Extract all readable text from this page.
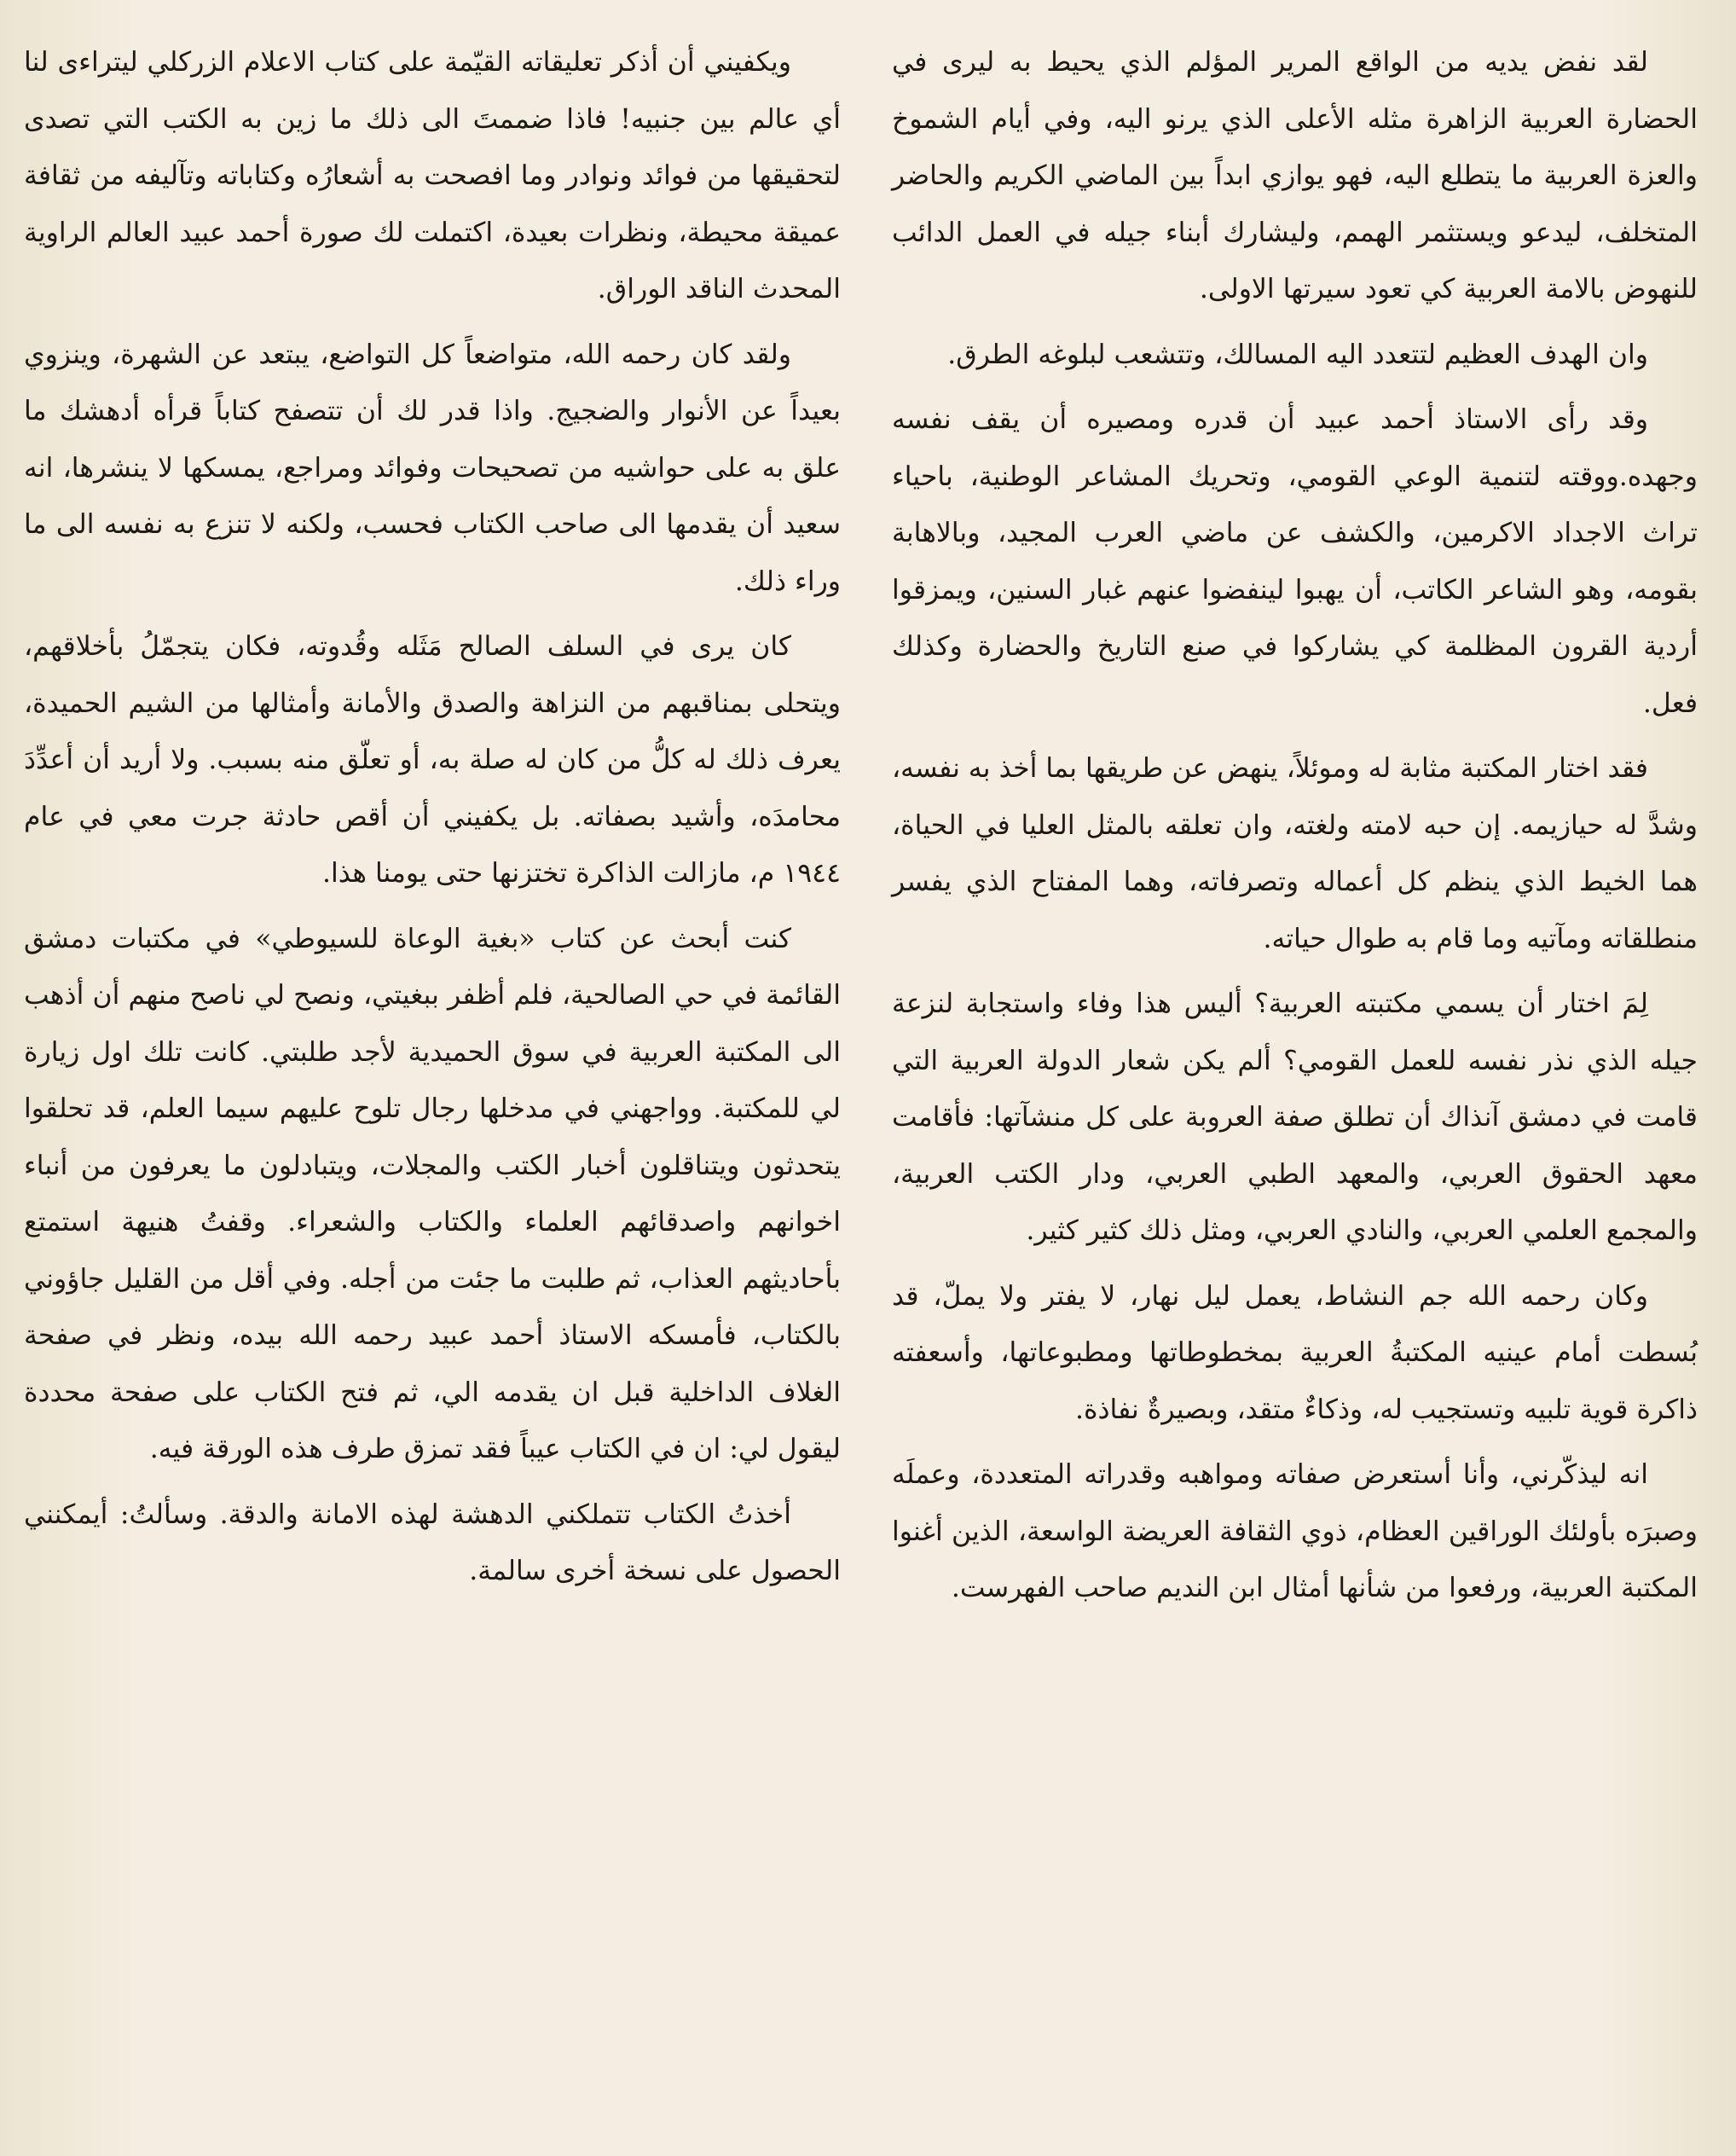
لقد نفض يديه من الواقع المرير المؤلم الذي يحيط به ليرى في الحضارة العربية الزاهرة مثله الأعلى الذي يرنو اليه، وفي أيام الشموخ والعزة العربية ما يتطلع اليه، فهو يوازي ابداً بين الماضي الكريم والحاضر المتخلف، ليدعو ويستثمر الهمم، وليشارك أبناء جيله في العمل الدائب للنهوض بالامة العربية كي تعود سيرتها الاولى.

وان الهدف العظيم لتتعدد اليه المسالك، وتتشعب لبلوغه الطرق.

وقد رأى الاستاذ أحمد عبيد أن قدره ومصيره أن يقف نفسه وجهده.ووقته لتنمية الوعي القومي، وتحريك المشاعر الوطنية، باحياء تراث الاجداد الاكرمين، والكشف عن ماضي العرب المجيد، وبالاهابة بقومه، وهو الشاعر الكاتب، أن يهبوا لينفضوا عنهم غبار السنين، ويمزقوا أردية القرون المظلمة كي يشاركوا في صنع التاريخ والحضارة وكذلك فعل.

فقد اختار المكتبة مثابة له وموئلاً، ينهض عن طريقها بما أخذ به نفسه، وشدَّ له حيازيمه. إن حبه لامته ولغته، وان تعلقه بالمثل العليا في الحياة، هما الخيط الذي ينظم كل أعماله وتصرفاته، وهما المفتاح الذي يفسر منطلقاته ومآتيه وما قام به طوال حياته.

لِمَ اختار أن يسمي مكتبته العربية؟ أليس هذا وفاء واستجابة لنزعة جيله الذي نذر نفسه للعمل القومي؟ ألم يكن شعار الدولة العربية التي قامت في دمشق آنذاك أن تطلق صفة العروبة على كل منشآتها: فأقامت معهد الحقوق العربي، والمعهد الطبي العربي، ودار الكتب العربية، والمجمع العلمي العربي، والنادي العربي، ومثل ذلك كثير كثير.

وكان رحمه الله جم النشاط، يعمل ليل نهار، لا يفتر ولا يملّ، قد بُسطت أمام عينيه المكتبةُ العربية بمخطوطاتها ومطبوعاتها، وأسعفته ذاكرة قوية تلبيه وتستجيب له، وذكاءٌ متقد، وبصيرةٌ نفاذة.

انه ليذكّرني، وأنا أستعرض صفاته ومواهبه وقدراته المتعددة، وعملَه وصبرَه بأولئك الوراقين العظام، ذوي الثقافة العريضة الواسعة، الذين أغنوا المكتبة العربية، ورفعوا من شأنها أمثال ابن النديم صاحب الفهرست.

ويكفيني أن أذكر تعليقاته القيّمة على كتاب الاعلام الزركلي ليتراءى لنا أي عالم بين جنبيه! فاذا ضممتَ الى ذلك ما زين به الكتب التي تصدى لتحقيقها من فوائد ونوادر وما افصحت به أشعارُه وكتاباته وتآليفه من ثقافة عميقة محيطة، ونظرات بعيدة، اكتملت لك صورة أحمد عبيد العالم الراوية المحدث الناقد الوراق.

ولقد كان رحمه الله، متواضعاً كل التواضع، يبتعد عن الشهرة، وينزوي بعيداً عن الأنوار والضجيج. واذا قدر لك أن تتصفح كتاباً قرأه أدهشك ما علق به على حواشيه من تصحيحات وفوائد ومراجع، يمسكها لا ينشرها، انه سعيد أن يقدمها الى صاحب الكتاب فحسب، ولكنه لا تنزع به نفسه الى ما وراء ذلك.

كان يرى في السلف الصالح مَثَله وقُدوته، فكان يتجمّلُ بأخلاقهم، ويتحلى بمناقبهم من النزاهة والصدق والأمانة وأمثالها من الشيم الحميدة، يعرف ذلك له كلُّ من كان له صلة به، أو تعلّق منه بسبب. ولا أريد أن أعدِّدَ محامدَه، وأشيد بصفاته. بل يكفيني أن أقص حادثة جرت معي في عام ١٩٤٤ م، مازالت الذاكرة تختزنها حتى يومنا هذا.

كنت أبحث عن كتاب «بغية الوعاة للسيوطي» في مكتبات دمشق القائمة في حي الصالحية، فلم أظفر ببغيتي، ونصح لي ناصح منهم أن أذهب الى المكتبة العربية في سوق الحميدية لأجد طلبتي. كانت تلك اول زيارة لي للمكتبة. وواجهني في مدخلها رجال تلوح عليهم سيما العلم، قد تحلقوا يتحدثون ويتناقلون أخبار الكتب والمجلات، ويتبادلون ما يعرفون من أنباء اخوانهم واصدقائهم العلماء والكتاب والشعراء. وقفتُ هنيهة استمتع بأحاديثهم العذاب، ثم طلبت ما جئت من أجله. وفي أقل من القليل جاؤوني بالكتاب، فأمسكه الاستاذ أحمد عبيد رحمه الله بيده، ونظر في صفحة الغلاف الداخلية قبل ان يقدمه الي، ثم فتح الكتاب على صفحة محددة ليقول لي: ان في الكتاب عيباً فقد تمزق طرف هذه الورقة فيه.

أخذتُ الكتاب تتملكني الدهشة لهذه الامانة والدقة. وسألتُ: أيمكنني الحصول على نسخة أخرى سالمة.
